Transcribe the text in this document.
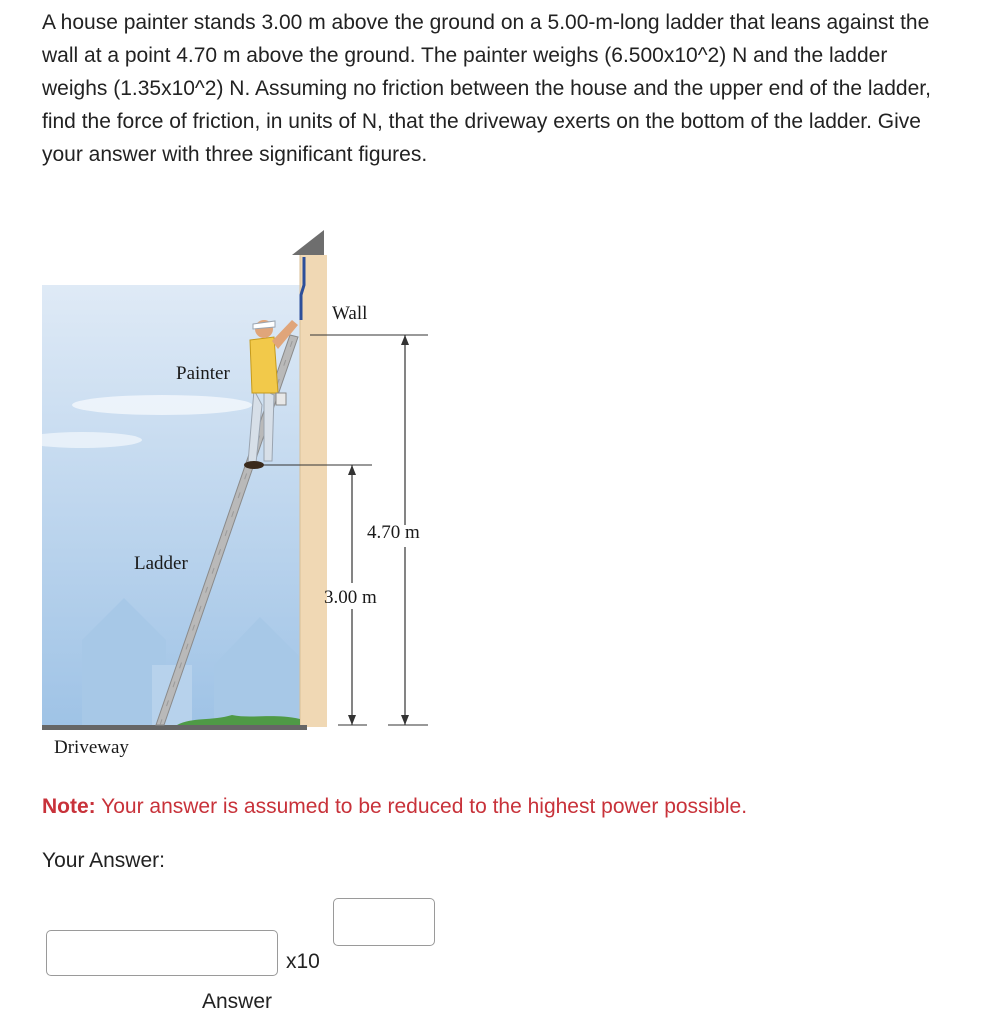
A house painter stands 3.00 m above the ground on a 5.00-m-long ladder that leans against the wall at a point 4.70 m above the ground. The painter weighs (6.500x10^2) N and the ladder weighs (1.35x10^2) N. Assuming no friction between the house and the upper end of the ladder, find the force of friction, in units of N, that the driveway exerts on the bottom of the ladder. Give your answer with three significant figures.

Wall
Painter
Ladder
Driveway
4.70 m
3.00 m

Note: Your answer is assumed to be reduced to the highest power possible.

Your Answer:

x10
Answer
